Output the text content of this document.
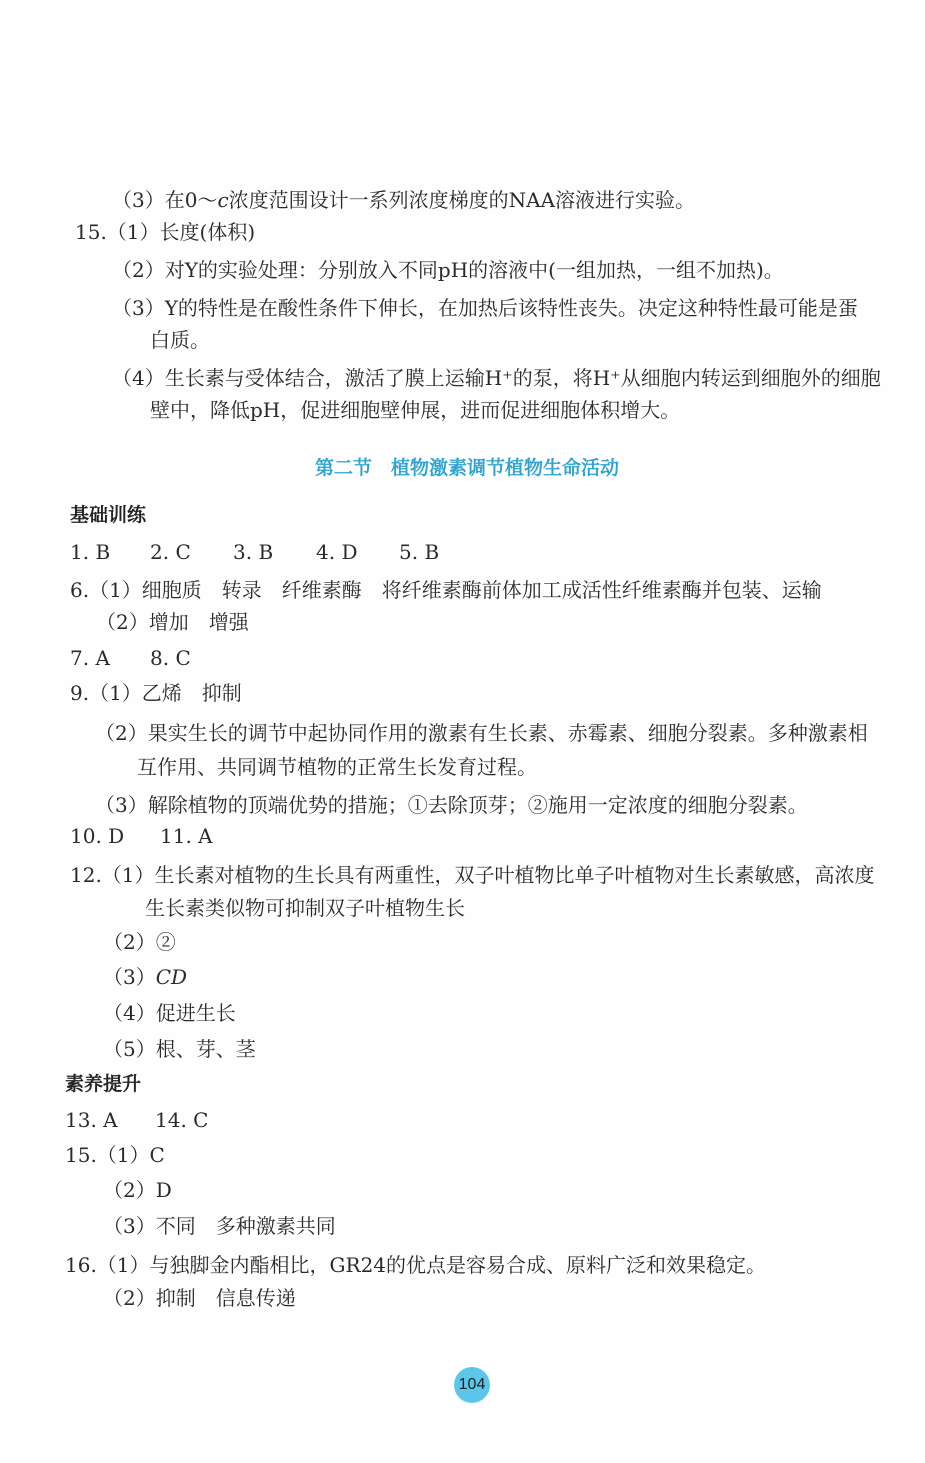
（3）在0～c浓度范围设计一系列浓度梯度的NAA溶液进行实验。
15.（1）长度(体积)
（2）对Y的实验处理：分别放入不同pH的溶液中(一组加热，一组不加热)。
（3）Y的特性是在酸性条件下伸长，在加热后该特性丧失。决定这种特性最可能是蛋
白质。
（4）生长素与受体结合，激活了膜上运输H⁺的泵，将H⁺从细胞内转运到细胞外的细胞
壁中，降低pH，促进细胞壁伸展，进而促进细胞体积增大。
第二节　植物激素调节植物生命活动
基础训练
1. B 2. C 3. B 4. D 5. B
6.（1）细胞质　转录　纤维素酶　将纤维素酶前体加工成活性纤维素酶并包装、运输
（2）增加　增强
7. A 8. C
9.（1）乙烯　抑制
（2）果实生长的调节中起协同作用的激素有生长素、赤霉素、细胞分裂素。多种激素相
互作用、共同调节植物的正常生长发育过程。
（3）解除植物的顶端优势的措施；①去除顶芽；②施用一定浓度的细胞分裂素。
10. D 11. A
12.（1）生长素对植物的生长具有两重性，双子叶植物比单子叶植物对生长素敏感，高浓度
生长素类似物可抑制双子叶植物生长
（2）②
（3）CD
（4）促进生长
（5）根、芽、茎
素养提升
13. A 14. C
15.（1）C
（2）D
（3）不同　多种激素共同
16.（1）与独脚金内酯相比，GR24的优点是容易合成、原料广泛和效果稳定。
（2）抑制　信息传递
104
